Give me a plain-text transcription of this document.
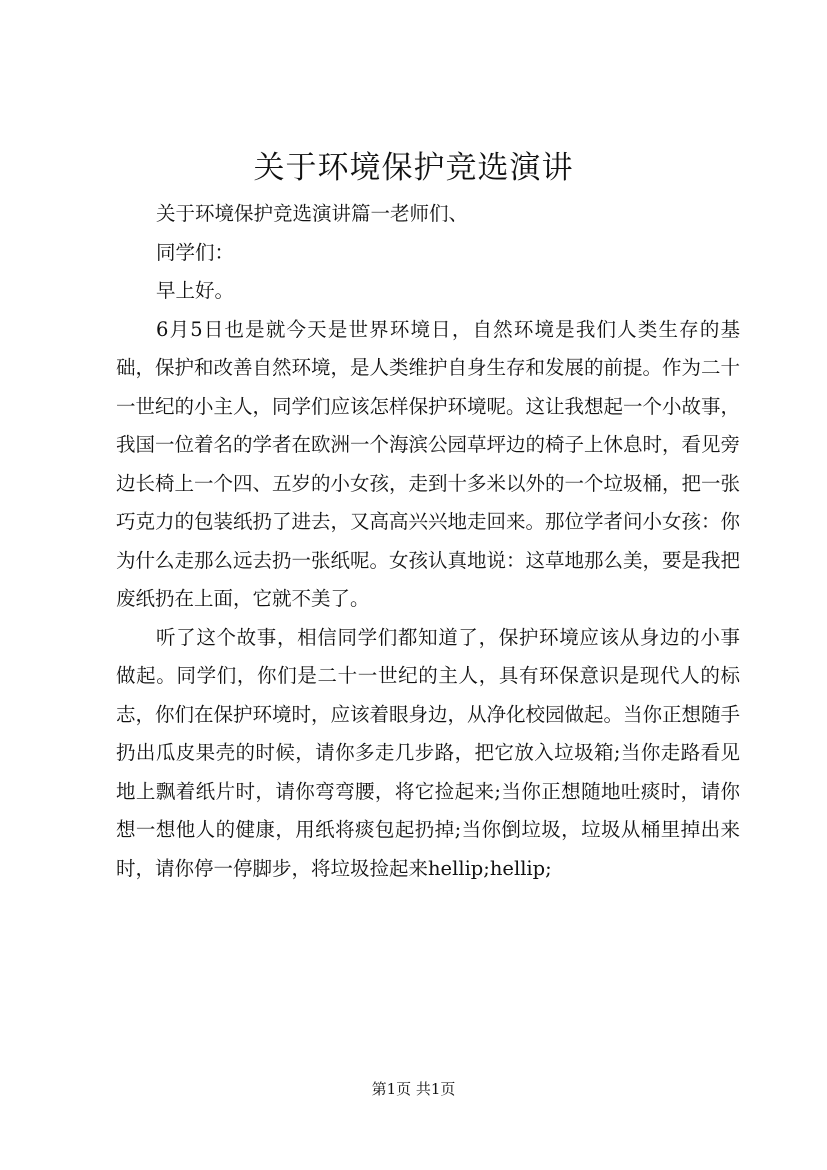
关于环境保护竞选演讲

关于环境保护竞选演讲篇一老师们、

同学们：

早上好。

6月5日也是就今天是世界环境日，自然环境是我们人类生存的基础，保护和改善自然环境，是人类维护自身生存和发展的前提。作为二十一世纪的小主人，同学们应该怎样保护环境呢。这让我想起一个小故事，我国一位着名的学者在欧洲一个海滨公园草坪边的椅子上休息时，看见旁边长椅上一个四、五岁的小女孩，走到十多米以外的一个垃圾桶，把一张巧克力的包装纸扔了进去，又高高兴兴地走回来。那位学者问小女孩：你为什么走那么远去扔一张纸呢。女孩认真地说：这草地那么美，要是我把废纸扔在上面，它就不美了。

听了这个故事，相信同学们都知道了，保护环境应该从身边的小事做起。同学们，你们是二十一世纪的主人，具有环保意识是现代人的标志，你们在保护环境时，应该着眼身边，从净化校园做起。当你正想随手扔出瓜皮果壳的时候，请你多走几步路，把它放入垃圾箱;当你走路看见地上飘着纸片时，请你弯弯腰，将它捡起来;当你正想随地吐痰时，请你想一想他人的健康，用纸将痰包起扔掉;当你倒垃圾，垃圾从桶里掉出来时，请你停一停脚步，将垃圾捡起来hellip;hellip;

第1页 共1页
